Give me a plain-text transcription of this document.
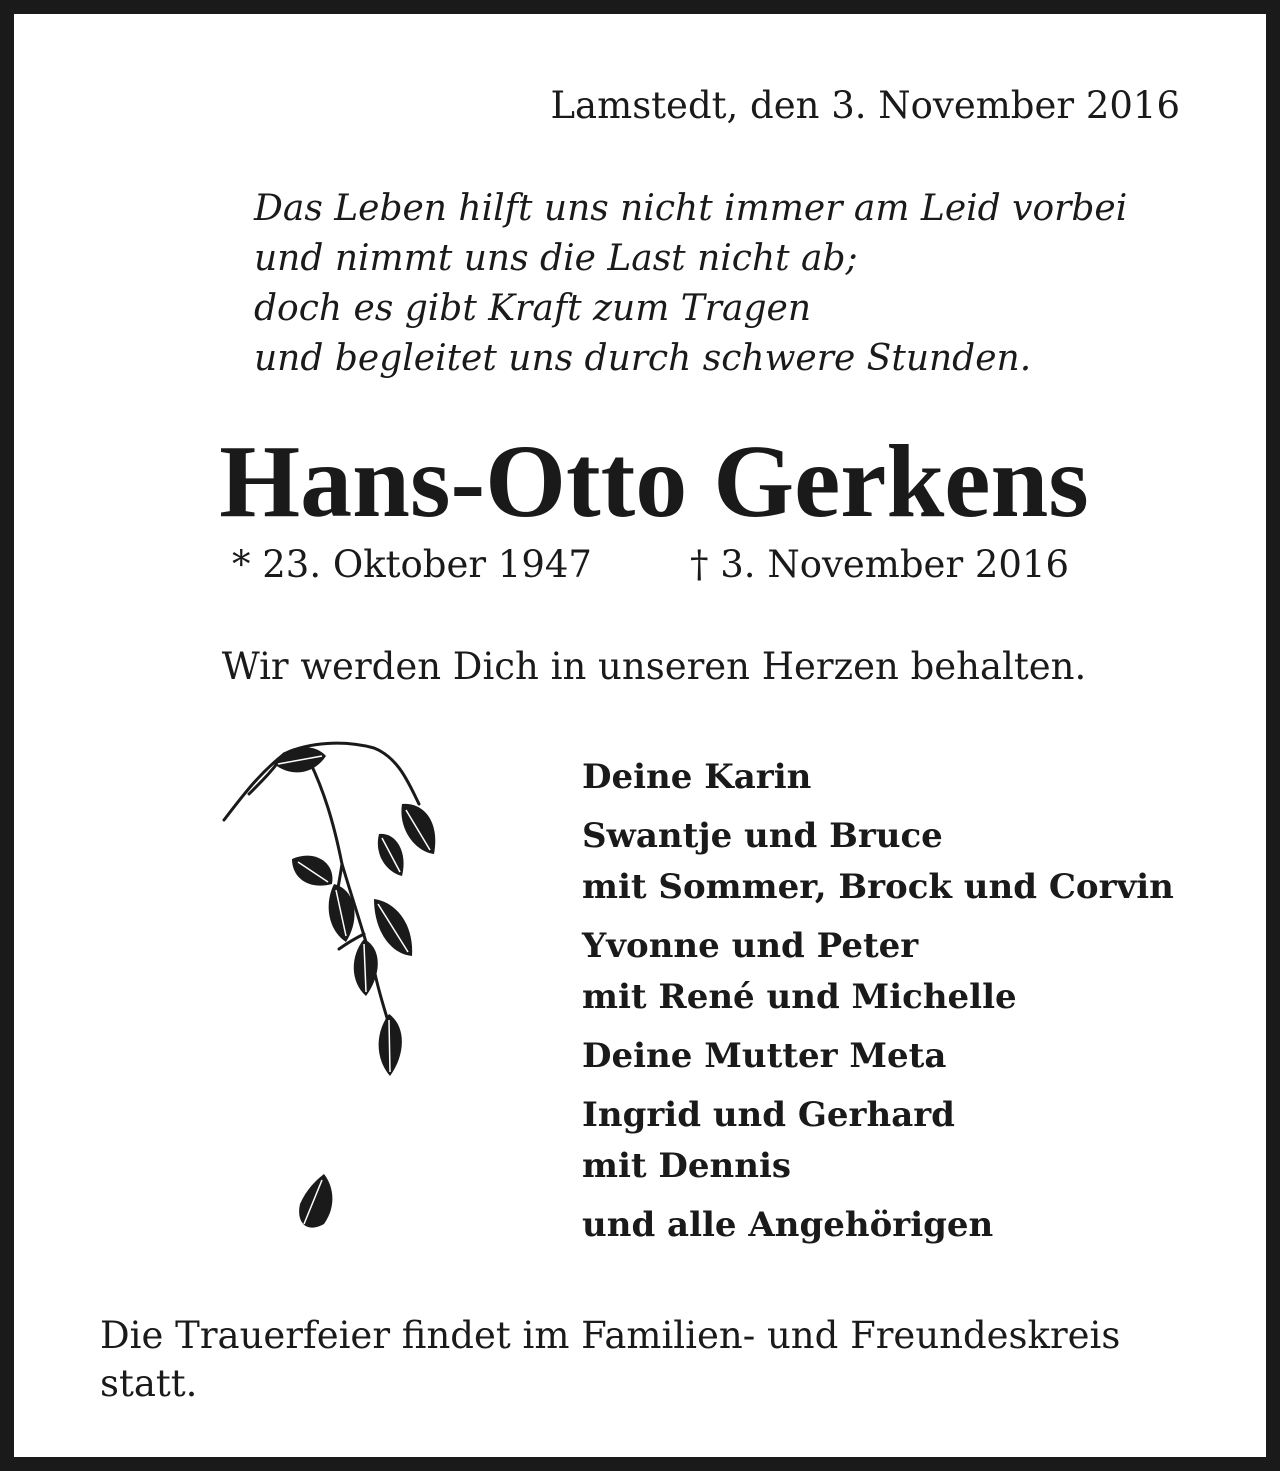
Lamstedt, den 3. November 2016
Das Leben hilft uns nicht immer am Leid vorbei
und nimmt uns die Last nicht ab;
doch es gibt Kraft zum Tragen
und begleitet uns durch schwere Stunden.
Hans-Otto Gerkens
* 23. Oktober 1947	† 3. November 2016
Wir werden Dich in unseren Herzen behalten.
Deine Karin
Swantje und Bruce
mit Sommer, Brock und Corvin
Yvonne und Peter
mit René und Michelle
Deine Mutter Meta
Ingrid und Gerhard
mit Dennis
und alle Angehörigen
Die Trauerfeier findet im Familien- und Freundeskreis statt.
